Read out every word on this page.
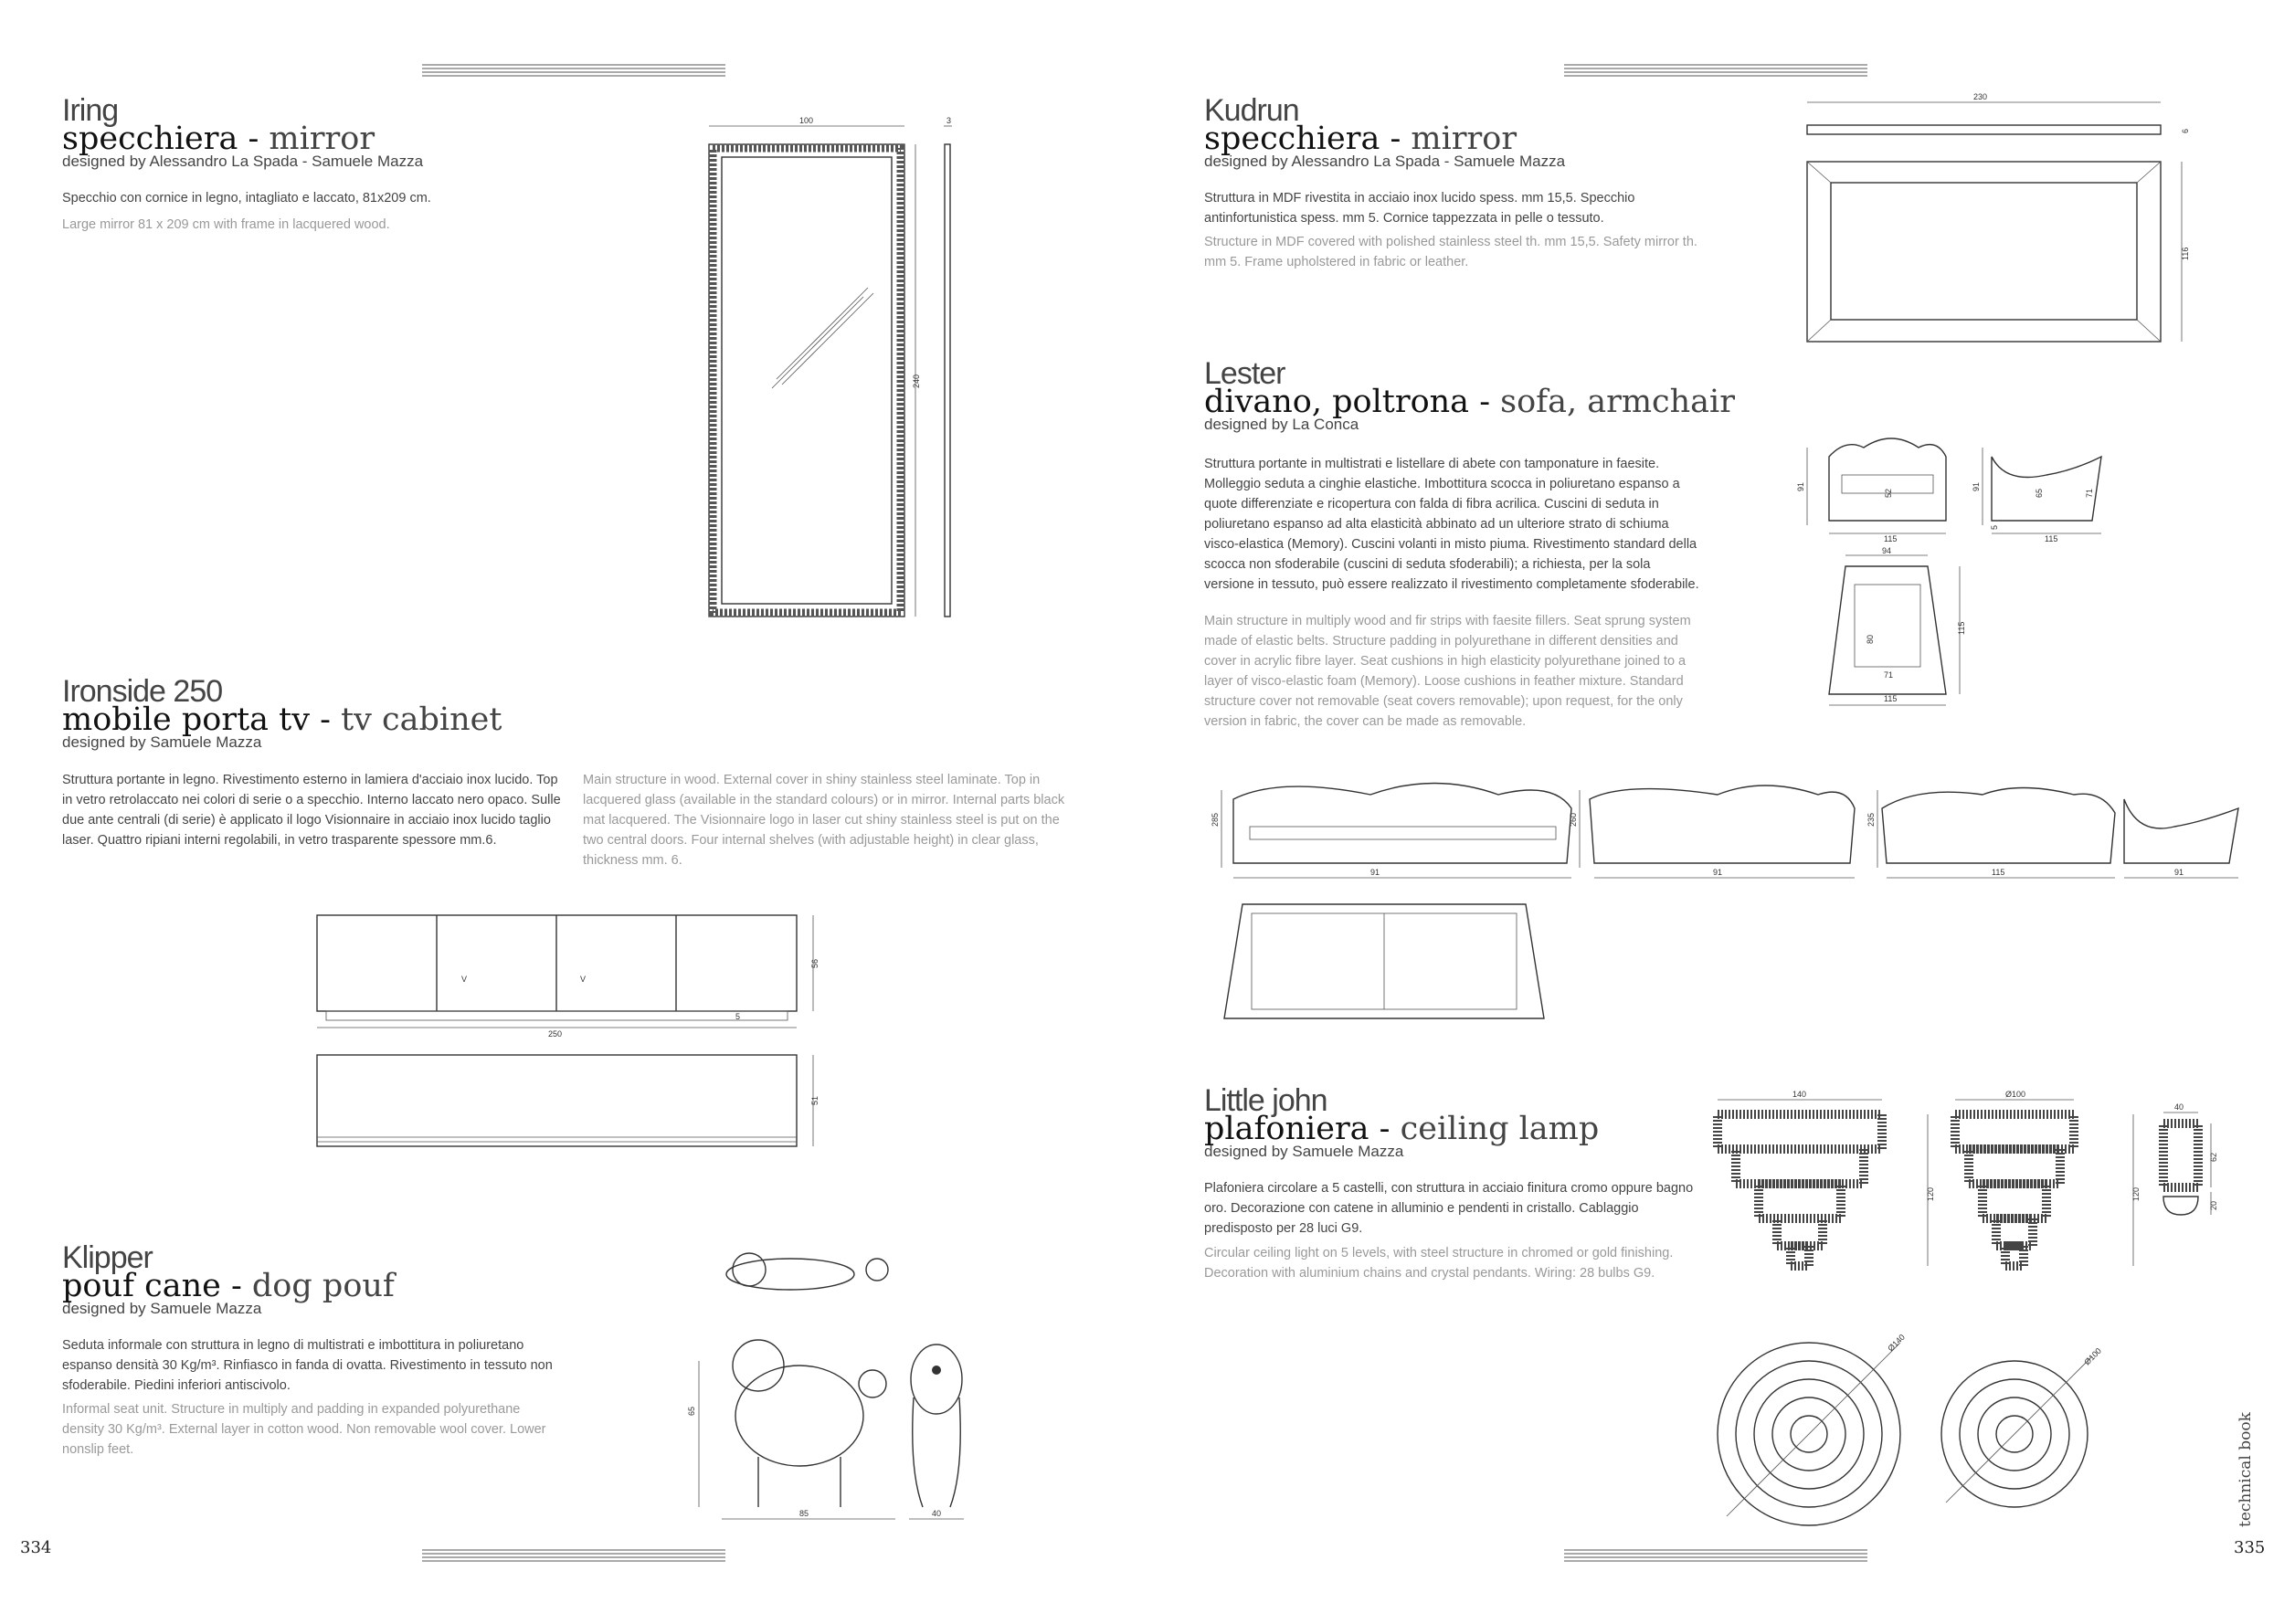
Iring
specchiera - mirror
designed by Alessandro La Spada - Samuele Mazza
Specchio con cornice in legno, intagliato e laccato, 81x209 cm.
Large mirror 81 x 209 cm with frame in lacquered wood.
100	3
240
Ironside 250
mobile porta tv - tv cabinet
designed by Samuele Mazza
Struttura portante in legno. Rivestimento esterno in lamiera d'acciaio inox lucido. Top in vetro retrolaccato nei colori di serie o a specchio. Interno laccato nero opaco. Sulle due ante centrali (di serie) è applicato il logo Visionnaire in acciaio inox lucido taglio laser. Quattro ripiani interni regolabili, in vetro trasparente spessore mm.6.
Main structure in wood. External cover in shiny stainless steel laminate. Top in lacquered glass (available in the standard colours) or in mirror. Internal parts black mat lacquered. The Visionnaire logo in laser cut shiny stainless steel is put on the two central doors. Four internal shelves (with adjustable height) in clear glass, thickness mm. 6.
V	V
56
5
250
51
Klipper
pouf cane - dog pouf
designed by Samuele Mazza
Seduta informale con struttura in legno di multistrati e imbottitura in poliuretano espanso densità 30 Kg/m³. Rinfiasco in fanda di ovatta. Rivestimento in tessuto non sfoderabile. Piedini inferiori antiscivolo.
Informal seat unit. Structure in multiply and padding in expanded polyurethane density 30 Kg/m³. External layer in cotton wood. Non removable wool cover. Lower nonslip feet.
65
85	40
Kudrun
specchiera - mirror
designed by Alessandro La Spada - Samuele Mazza
Struttura in MDF rivestita in acciaio inox lucido spess. mm 15,5. Specchio antinfortunistica spess. mm 5. Cornice tappezzata in pelle o tessuto.
Structure in MDF covered with polished stainless steel th. mm 15,5. Safety mirror th. mm 5. Frame upholstered in fabric or leather.
230
6
116
Lester
divano, poltrona - sofa, armchair
designed by La Conca
Struttura portante in multistrati e listellare di abete con tamponature in faesite. Molleggio seduta a cinghie elastiche. Imbottitura scocca in poliuretano espanso a quote differenziate e ricopertura con falda di fibra acrilica. Cuscini di seduta in poliuretano espanso ad alta elasticità abbinato ad un ulteriore strato di schiuma visco-elastica (Memory). Cuscini volanti in misto piuma. Rivestimento standard della scocca non sfoderabile (cuscini di seduta sfoderabili); a richiesta, per la sola versione in tessuto, può essere realizzato il rivestimento completamente sfoderabile.
Main structure in multiply wood and fir strips with faesite fillers. Seat sprung system made of elastic belts. Structure padding in polyurethane in different densities and cover in acrylic fibre layer. Seat cushions in high elasticity polyurethane joined to a layer of visco-elastic foam (Memory). Loose cushions in feather mixture. Standard structure cover not removable (seat covers removable); upon request, for the only version in fabric, the cover can be made as removable.
91
52
115
91
65	71
5
115
94
80
71
115
115
285
91
260
91
235
115	91
Little john
plafoniera - ceiling lamp
designed by Samuele Mazza
Plafoniera circolare a 5 castelli, con struttura in acciaio finitura cromo oppure bagno oro. Decorazione con catene in alluminio e pendenti in cristallo. Cablaggio predisposto per 28 luci G9.
Circular ceiling light on 5 levels, with steel structure in chromed or gold finishing. Decoration with aluminium chains and crystal pendants. Wiring: 28 bulbs G9.
140
120
Ø100
120
40
62
20
Ø140
Ø100
334	335
technical book
